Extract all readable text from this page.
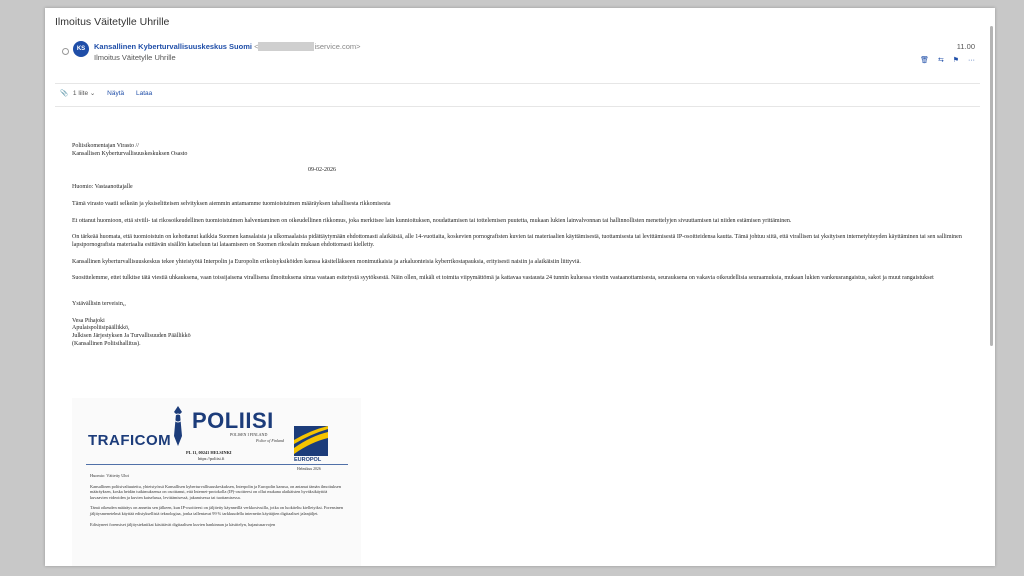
Ilmoitus Väitetylle Uhrille
KS	Kansallinen Kyberturvallisuuskeskus Suomi <	iservice.com>
Ilmoitus Väitetylle Uhrille
11.00
🗑 ⇆ ⚑ ···
📎 1 liite ⌄ Näytä Lataa

Poliisikomentajan Virasto //
Kansallisen Kyberturvallisuuskeskuksen Osasto

09-02-2026

Huomio: Vastaanottajalle

Tämä virasto vaatii selkeän ja yksiselitteisen selvityksen aiemmin antamamme tuomioistuimen määräyksen tahallisesta rikkomisesta

Et ottanut huomioon, että siviili- tai rikosoikeudellinen tuomioistuimen halventaminen on oikeudellinen rikkomus, joka merkitsee lain kunnioituksen, noudattamisen tai tottelemisen puutetta, mukaan lukien lainvalvonnan tai hallinnollisten menettelyjen sivuuttamisen tai niiden estämisen yrittäminen.

On tärkeää huomata, että tuomioistuin on kehottanut kaikkia Suomen kansalaisia ja ulkomaalaisia pidättäytymään ehdottomasti alaikäisiä, alle 14-vuotiaita, koskevien pornografisten kuvien tai materiaalien käyttämisestä, tuottamisesta tai levittämisestä IP-osoitteidensa kautta. Tämä johtuu siitä, että virallisen tai yksityisen internetyhteyden käyttäminen tai sen salliminen lapsipornografista materiaalia esittävän sisällön katseluun tai lataamiseen on Suomen rikoslain mukaan ehdottomasti kielletty.

Kansallinen kyberturvallisuuskeskus tekee yhteistyötä Interpolin ja Europolin erikoisyksiköiden kanssa käsitelläkseen monimutkaisia ja arkaluonteisia kyberrikostapauksia, erityisesti naisiin ja alaikäisiin liittyviä.

Suosittelemme, ettet tulkitse tätä viestiä uhkauksena, vaan toissijaisena virallisena ilmoituksena sinua vastaan esitetystä syytöksestä. Näin ollen, mikäli et toimita viipymättömä ja kattavaa vastausta 24 tunnin kuluessa viestin vastaanottamisesta, seurauksena on vakavia oikeudellisia seuraamuksia, mukaan lukien vankeusrangaistus, sakot ja muut rangaistukset

Ystävällisin terveisin,,

Vesa Pihajoki

Apulaispoliisipäällikkö,

Julkisen Järjestyksen Ja Turvallisuuden Päällikkö

(Kansallinen Poliisihallitus).

TRAFICOM
POLIISI
POLISEN I FINLAND
Police of Finland
PL 11, 00241 HELSINKI
https://poliisi.fi	EUROPOL
Helmikuu 2026

Huomio: Väitetty Uhri

Kansallinen poliisivaltuutettu, yhteistyössä Kansallisen kyberturvallisuuskeskuksen, Interpolin ja Europolin kanssa, on antanut tämän ilmoituksen määräyksen, koska heidän tutkimuksensa on osoittanut, että Internet-protokolla (IP)-osoitteesi on ollut mukana alaikäisten hyväksikäyttöä kuvaavien videoiden ja kuvien katselussa, levittämisessä, jakamisessa tai tuottamisessa.

Tämä oikeuden määräys on annettu sen jälkeen, kun IP-osoitteesi on jäljitetty käynneillä verkkosivuilla, jotka on luokiteltu kielletyiksi. Forensinen jäljitysmenetelmä käyttää edistyksellistä teknologiaa, jonka tallentavat 99 % tarkkuudella internetin käyttäjien digitaaliset jalanjäljet.

Edistyneet forensiset jäljitystekniikat käsittävät digitaalisen kuvien hankinnan ja käsittelyn, hajautusarvojen
